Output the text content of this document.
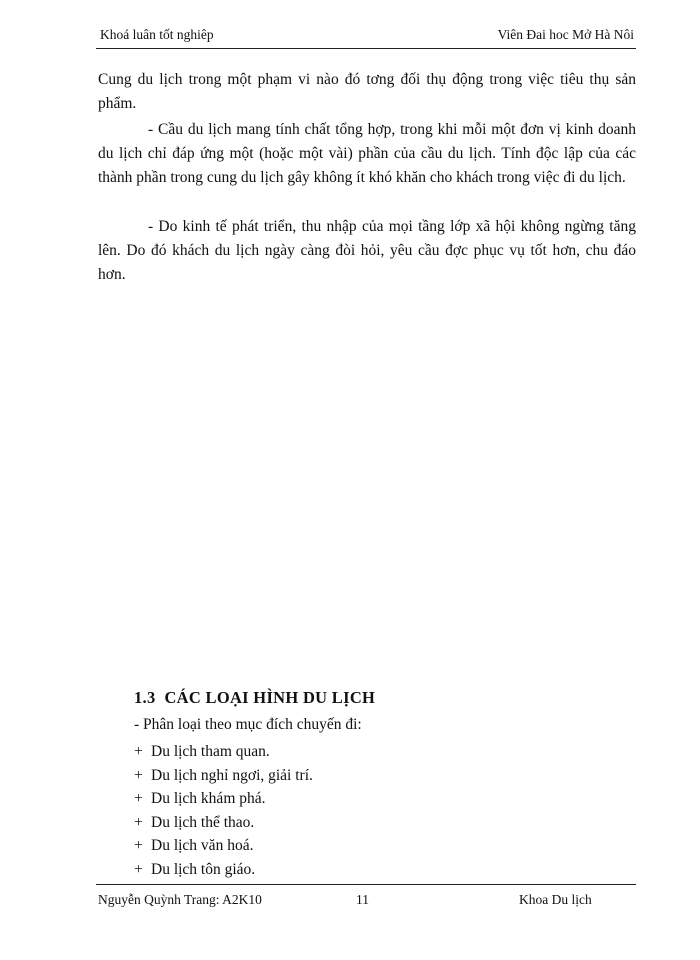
Khoá luân tốt nghiêp	Viên Đai hoc Mở Hà Nôi

Cung du lịch trong một phạm vi nào đó tơng đối thụ động trong việc tiêu thụ sản phẩm.

- Cầu du lịch mang tính chất tổng hợp, trong khi mỗi một đơn vị kinh doanh du lịch chỉ đáp ứng một (hoặc một vài) phần của cầu du lịch. Tính độc lập của các thành phần trong cung du lịch gây không ít khó khăn cho khách trong việc đi du lịch.

- Do kinh tế phát triển, thu nhập của mọi tầng lớp xã hội không ngừng tăng lên. Do đó khách du lịch ngày càng đòi hỏi, yêu cầu đợc phục vụ tốt hơn, chu đáo hơn.

1.3 CÁC LOẠI HÌNH DU LỊCH
- Phân loại theo mục đích chuyến đi:
+ Du lịch tham quan.
+ Du lịch nghỉ ngơi, giải trí.
+ Du lịch khám phá.
+ Du lịch thể thao.
+ Du lịch văn hoá.
+ Du lịch tôn giáo.
Nguyễn Quỳnh Trang: A2K10	11	Khoa Du lịch
